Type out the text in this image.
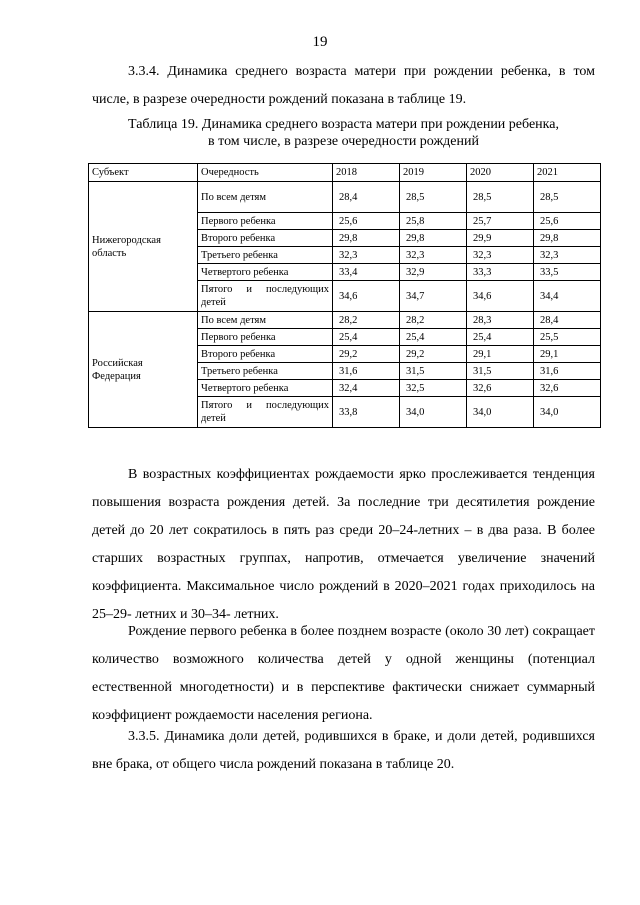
19

3.3.4. Динамика среднего возраста матери при рождении ребенка, в том числе, в разрезе очередности рождений показана в таблице 19.

Таблица 19. Динамика среднего возраста матери при рождении ребенка,
в том числе, в разрезе очередности рождений
Субъект	Очередность	2018	2019	2020	2021
Нижегородская область	По всем детям	28,4	28,5	28,5	28,5
	Первого ребенка	25,6	25,8	25,7	25,6
	Второго ребенка	29,8	29,8	29,9	29,8
	Третьего ребенка	32,3	32,3	32,3	32,3
	Четвертого ребенка	33,4	32,9	33,3	33,5
	Пятого и последующих детей	34,6	34,7	34,6	34,4
Российская Федерация	По всем детям	28,2	28,2	28,3	28,4
	Первого ребенка	25,4	25,4	25,4	25,5
	Второго ребенка	29,2	29,2	29,1	29,1
	Третьего ребенка	31,6	31,5	31,5	31,6
	Четвертого ребенка	32,4	32,5	32,6	32,6
	Пятого и последующих детей	33,8	34,0	34,0	34,0

В возрастных коэффициентах рождаемости ярко прослеживается тенденция повышения возраста рождения детей. За последние три десятилетия рождение детей до 20 лет сократилось в пять раз среди 20–24-летних – в два раза. В более старших возрастных группах, напротив, отмечается увеличение значений коэффициента. Максимальное число рождений в 2020–2021 годах приходилось на 25–29- летних и 30–34- летних.

Рождение первого ребенка в более позднем возрасте (около 30 лет) сокращает количество возможного количества детей у одной женщины (потенциал естественной многодетности) и в перспективе фактически снижает суммарный коэффициент рождаемости населения региона.

3.3.5. Динамика доли детей, родившихся в браке, и доли детей, родившихся вне брака, от общего числа рождений показана в таблице 20.
